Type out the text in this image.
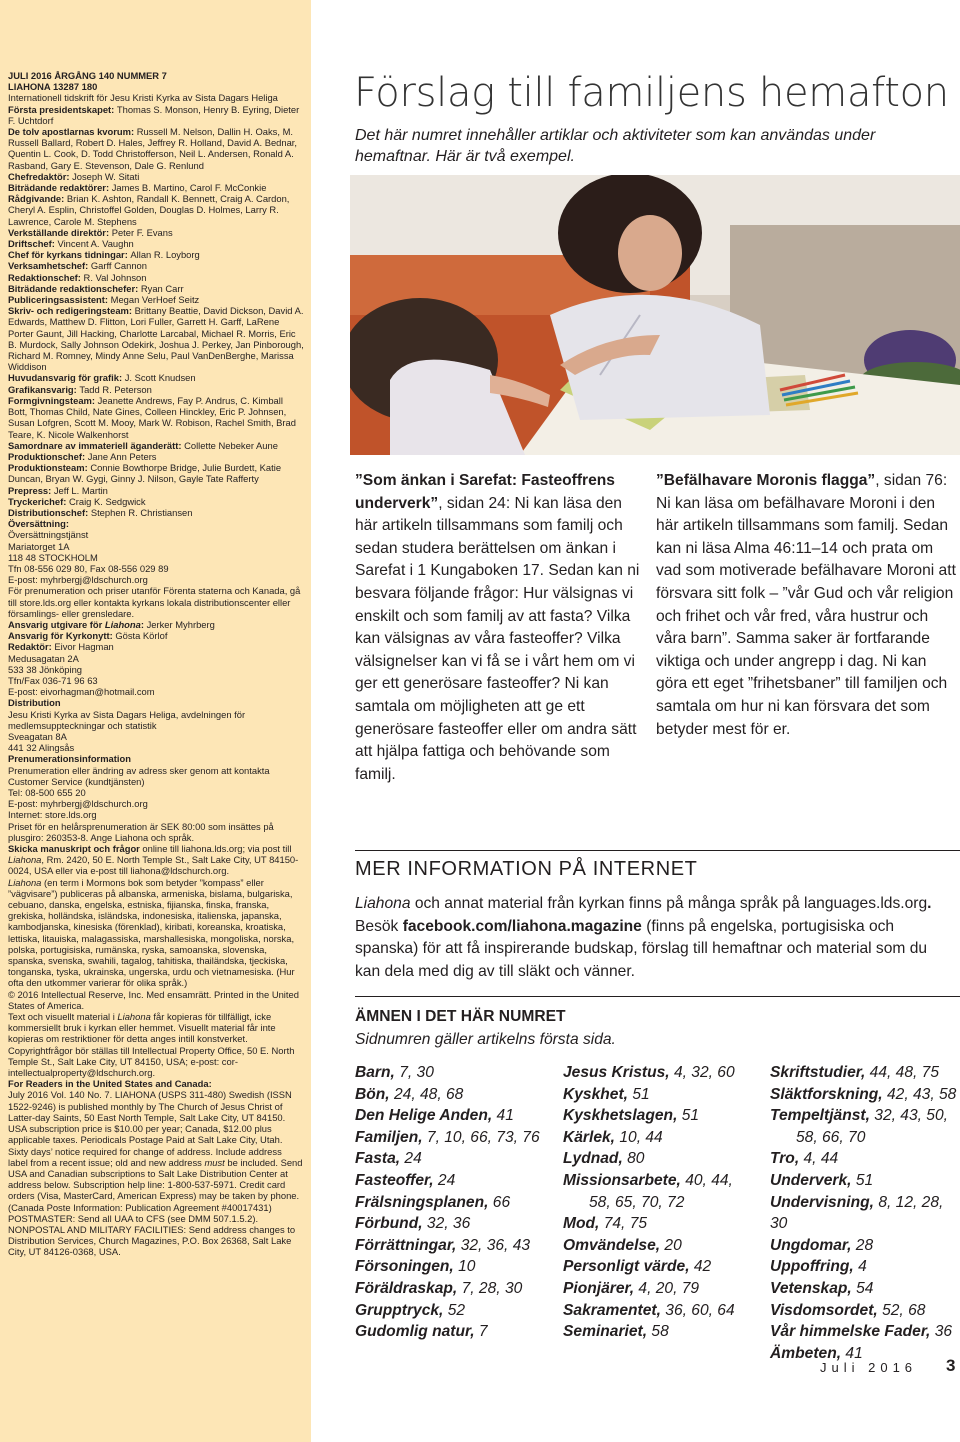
JULI 2016 ÅRGÅNG 140 NUMMER 7

LIAHONA 13287 180

Internationell tidskrift för Jesu Kristi Kyrka av Sista Dagars Heliga

Första presidentskapet: Thomas S. Monson, Henry B. Eyring, Dieter F. Uchtdorf

De tolv apostlarnas kvorum: Russell M. Nelson, Dallin H. Oaks, M. Russell Ballard, Robert D. Hales, Jeffrey R. Holland, David A. Bednar, Quentin L. Cook, D. Todd Christofferson, Neil L. Andersen, Ronald A. Rasband, Gary E. Stevenson, Dale G. Renlund

Chefredaktör: Joseph W. Sitati

Biträdande redaktörer: James B. Martino, Carol F. McConkie

Rådgivande: Brian K. Ashton, Randall K. Bennett, Craig A. Cardon, Cheryl A. Esplin, Christoffel Golden, Douglas D. Holmes, Larry R. Lawrence, Carole M. Stephens

Verkställande direktör: Peter F. Evans

Driftschef: Vincent A. Vaughn

Chef för kyrkans tidningar: Allan R. Loyborg

Verksamhetschef: Garff Cannon

Redaktionschef: R. Val Johnson

Biträdande redaktionschefer: Ryan Carr

Publiceringsassistent: Megan VerHoef Seitz

Skriv- och redigeringsteam: Brittany Beattie, David Dickson, David A. Edwards, Matthew D. Flitton, Lori Fuller, Garrett H. Garff, LaRene Porter Gaunt, Jill Hacking, Charlotte Larcabal, Michael R. Morris, Eric B. Murdock, Sally Johnson Odekirk, Joshua J. Perkey, Jan Pinborough, Richard M. Romney, Mindy Anne Selu, Paul VanDenBerghe, Marissa Widdison

Huvudansvarig för grafik: J. Scott Knudsen

Grafikansvarig: Tadd R. Peterson

Formgivningsteam: Jeanette Andrews, Fay P. Andrus, C. Kimball Bott, Thomas Child, Nate Gines, Colleen Hinckley, Eric P. Johnsen, Susan Lofgren, Scott M. Mooy, Mark W. Robison, Rachel Smith, Brad Teare, K. Nicole Walkenhorst

Samordnare av immateriell äganderätt: Collette Nebeker Aune

Produktionschef: Jane Ann Peters

Produktionsteam: Connie Bowthorpe Bridge, Julie Burdett, Katie Duncan, Bryan W. Gygi, Ginny J. Nilson, Gayle Tate Rafferty

Prepress: Jeff L. Martin

Tryckerichef: Craig K. Sedgwick

Distributionschef: Stephen R. Christiansen

Översättning:

Översättningstjänst

Mariatorget 1A

118 48 STOCKHOLM

Tfn 08-556 029 80, Fax 08-556 029 89

E-post: myhrbergj@ldschurch.org

För prenumeration och priser utanför Förenta staterna och Kanada, gå till store.lds.org eller kontakta kyrkans lokala distributionscenter eller församlings- eller grensledare.

Ansvarig utgivare för Liahona: Jerker Myhrberg

Ansvarig för Kyrkonytt: Gösta Körlof

Redaktör: Eivor Hagman

Medusagatan 2A

533 38 Jönköping

Tfn/Fax 036-71 96 63

E-post: eivorhagman@hotmail.com

Distribution

Jesu Kristi Kyrka av Sista Dagars Heliga, avdelningen för medlemsuppteckningar och statistik

Sveagatan 8A

441 32 Alingsås

Prenumerationsinformation

Prenumeration eller ändring av adress sker genom att kontakta Customer Service (kundtjänsten)

Tel: 08-500 655 20

E-post: myhrbergj@ldschurch.org

Internet: store.lds.org

Priset för en helårsprenumeration är SEK 80:00 som insättes på plusgiro: 260353-8. Ange Liahona och språk.

Skicka manuskript och frågor online till liahona.lds.org; via post till Liahona, Rm. 2420, 50 E. North Temple St., Salt Lake City, UT 84150-0024, USA eller via e-post till liahona@ldschurch.org.

Liahona (en term i Mormons bok som betyder ”kompass” eller ”vägvisare”) publiceras på albanska, armeniska, bislama, bulgariska, cebuano, danska, engelska, estniska, fijianska, finska, franska, grekiska, holländska, isländska, indonesiska, italienska, japanska, kambodjanska, kinesiska (förenklad), kiribati, koreanska, kroatiska, lettiska, litauiska, malagassiska, marshallesiska, mongoliska, norska, polska, portugisiska, rumänska, ryska, samoanska, slovenska, spanska, svenska, swahili, tagalog, tahitiska, thailändska, tjeckiska, tonganska, tyska, ukrainska, ungerska, urdu och vietnamesiska. (Hur ofta den utkommer varierar för olika språk.)

© 2016 Intellectual Reserve, Inc. Med ensamrätt. Printed in the United States of America.

Text och visuellt material i Liahona får kopieras för tillfälligt, icke kommersiellt bruk i kyrkan eller hemmet. Visuellt material får inte kopieras om restriktioner för detta anges intill konstverket. Copyrightfrågor bör ställas till Intellectual Property Office, 50 E. North Temple St., Salt Lake City, UT 84150, USA; e-post: cor-intellectualproperty@ldschurch.org.

For Readers in the United States and Canada:

July 2016 Vol. 140 No. 7. LIAHONA (USPS 311-480) Swedish (ISSN 1522-9246) is published monthly by The Church of Jesus Christ of Latter-day Saints, 50 East North Temple, Salt Lake City, UT 84150. USA subscription price is $10.00 per year; Canada, $12.00 plus applicable taxes. Periodicals Postage Paid at Salt Lake City, Utah. Sixty days’ notice required for change of address. Include address label from a recent issue; old and new address must be included. Send USA and Canadian subscriptions to Salt Lake Distribution Center at address below. Subscription help line: 1-800-537-5971. Credit card orders (Visa, MasterCard, American Express) may be taken by phone. (Canada Poste Information: Publication Agreement #40017431)

POSTMASTER: Send all UAA to CFS (see DMM 507.1.5.2). NONPOSTAL AND MILITARY FACILITIES: Send address changes to Distribution Services, Church Magazines, P.O. Box 26368, Salt Lake City, UT 84126-0368, USA.

Förslag till familjens hemafton

Det här numret innehåller artiklar och aktiviteter som kan användas under hemaftnar. Här är två exempel.

”Som änkan i Sarefat: Fasteoffrens underverk”, sidan 24: Ni kan läsa den här artikeln tillsammans som familj och sedan studera berättelsen om änkan i Sarefat i 1 Kungaboken 17. Sedan kan ni besvara följande frågor: Hur välsignas vi enskilt och som familj av att fasta? Vilka kan välsignas av våra fasteoffer? Vilka välsignelser kan vi få se i vårt hem om vi ger ett generösare fasteoffer? Ni kan samtala om möjligheten att ge ett generösare fasteoffer eller om andra sätt att hjälpa fattiga och behövande som familj.

”Befälhavare Moronis flagga”, sidan 76: Ni kan läsa om befälhavare Moroni i den här artikeln tillsammans som familj. Sedan kan ni läsa Alma 46:11–14 och prata om vad som motiverade befälhavare Moroni att försvara sitt folk – ”vår Gud och vår religion och frihet och vår fred, våra hustrur och våra barn”. Samma saker är fortfarande viktiga och under angrepp i dag. Ni kan göra ett eget ”frihetsbaner” till familjen och samtala om hur ni kan försvara det som betyder mest för er.

MER INFORMATION PÅ INTERNET

Liahona och annat material från kyrkan finns på många språk på languages.lds.org. Besök facebook.com/liahona.magazine (finns på engelska, portugisiska och spanska) för att få inspirerande budskap, förslag till hemaftnar och material som du kan dela med dig av till släkt och vänner.

ÄMNEN I DET HÄR NUMRET

Sidnumren gäller artikelns första sida.

Barn, 7, 30
Bön, 24, 48, 68
Den Helige Anden, 41
Familjen, 7, 10, 66, 73, 76
Fasta, 24
Fasteoffer, 24
Frälsningsplanen, 66
Förbund, 32, 36
Förrättningar, 32, 36, 43
Försoningen, 10
Föräldraskap, 7, 28, 30
Grupptryck, 52
Gudomlig natur, 7
Jesus Kristus, 4, 32, 60
Kyskhet, 51
Kyskhetslagen, 51
Kärlek, 10, 44
Lydnad, 80
Missionsarbete, 40, 44,
58, 65, 70, 72
Mod, 74, 75
Omvändelse, 20
Personligt värde, 42
Pionjärer, 4, 20, 79
Sakramentet, 36, 60, 64
Seminariet, 58
Skriftstudier, 44, 48, 75
Släktforskning, 42, 43, 58
Tempeltjänst, 32, 43, 50,
58, 66, 70
Tro, 4, 44
Underverk, 51
Undervisning, 8, 12, 28, 30
Ungdomar, 28
Uppoffring, 4
Vetenskap, 54
Visdomsordet, 52, 68
Vår himmelske Fader, 36
Ämbeten, 41
Juli 2016 3
